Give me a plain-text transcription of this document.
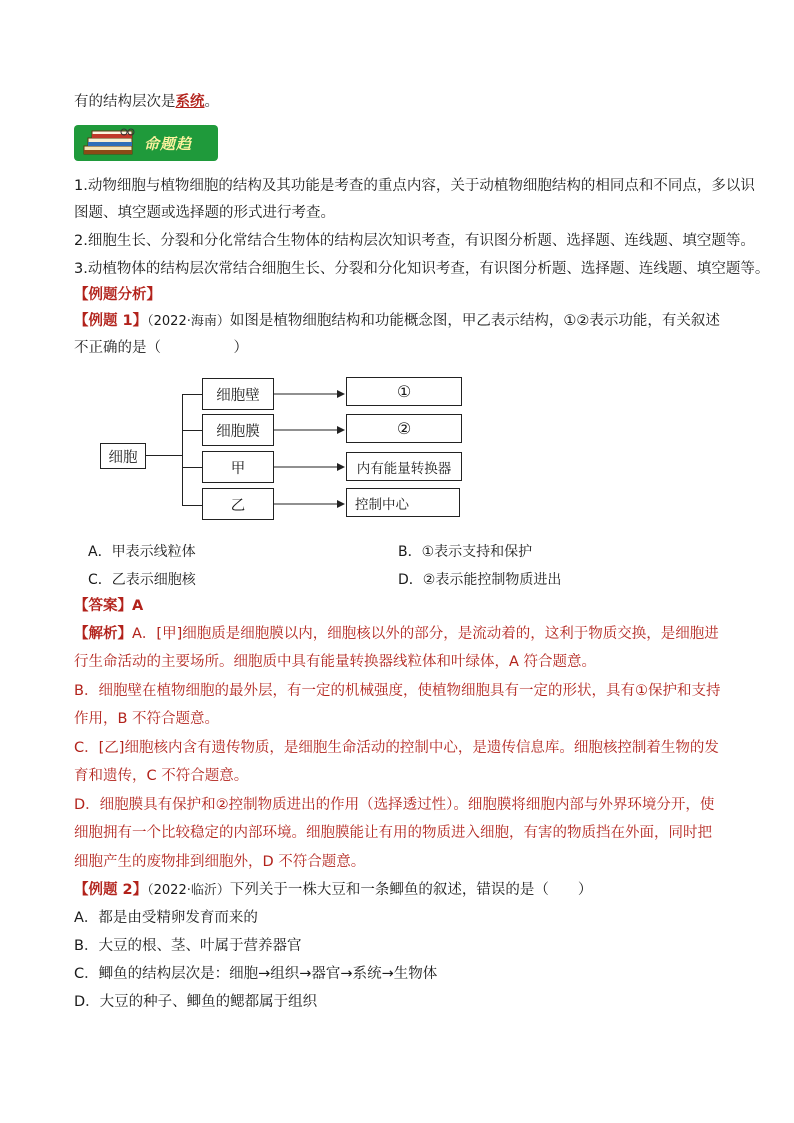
有的结构层次是系统。
命题趋
1.动物细胞与植物细胞的结构及其功能是考查的重点内容，关于动植物细胞结构的相同点和不同点，多以识
图题、填空题或选择题的形式进行考查。
2.细胞生长、分裂和分化常结合生物体的结构层次知识考查，有识图分析题、选择题、连线题、填空题等。
3.动植物体的结构层次常结合细胞生长、分裂和分化知识考查，有识图分析题、选择题、连线题、填空题等。
【例题分析】
【例题 1】（2022·海南）如图是植物细胞结构和功能概念图，甲乙表示结构，①②表示功能，有关叙述
不正确的是（　　　　　）
细胞
细胞壁
细胞膜
甲
乙
①
②
内有能量转换器
控制中心
A．甲表示线粒体	B．①表示支持和保护
C．乙表示细胞核	D．②表示能控制物质进出
【答案】A
【解析】A．[甲]细胞质是细胞膜以内，细胞核以外的部分，是流动着的，这利于物质交换，是细胞进
行生命活动的主要场所。细胞质中具有能量转换器线粒体和叶绿体，A 符合题意。
B．细胞壁在植物细胞的最外层，有一定的机械强度，使植物细胞具有一定的形状，具有①保护和支持
作用，B 不符合题意。
C．[乙]细胞核内含有遗传物质，是细胞生命活动的控制中心，是遗传信息库。细胞核控制着生物的发
育和遗传，C 不符合题意。
D．细胞膜具有保护和②控制物质进出的作用（选择透过性）。细胞膜将细胞内部与外界环境分开，使
细胞拥有一个比较稳定的内部环境。细胞膜能让有用的物质进入细胞，有害的物质挡在外面，同时把
细胞产生的废物排到细胞外，D 不符合题意。
【例题 2】（2022·临沂）下列关于一株大豆和一条鲫鱼的叙述，错误的是（　　）
A．都是由受精卵发育而来的
B．大豆的根、茎、叶属于营养器官
C．鲫鱼的结构层次是：细胞→组织→器官→系统→生物体
D．大豆的种子、鲫鱼的鳃都属于组织
